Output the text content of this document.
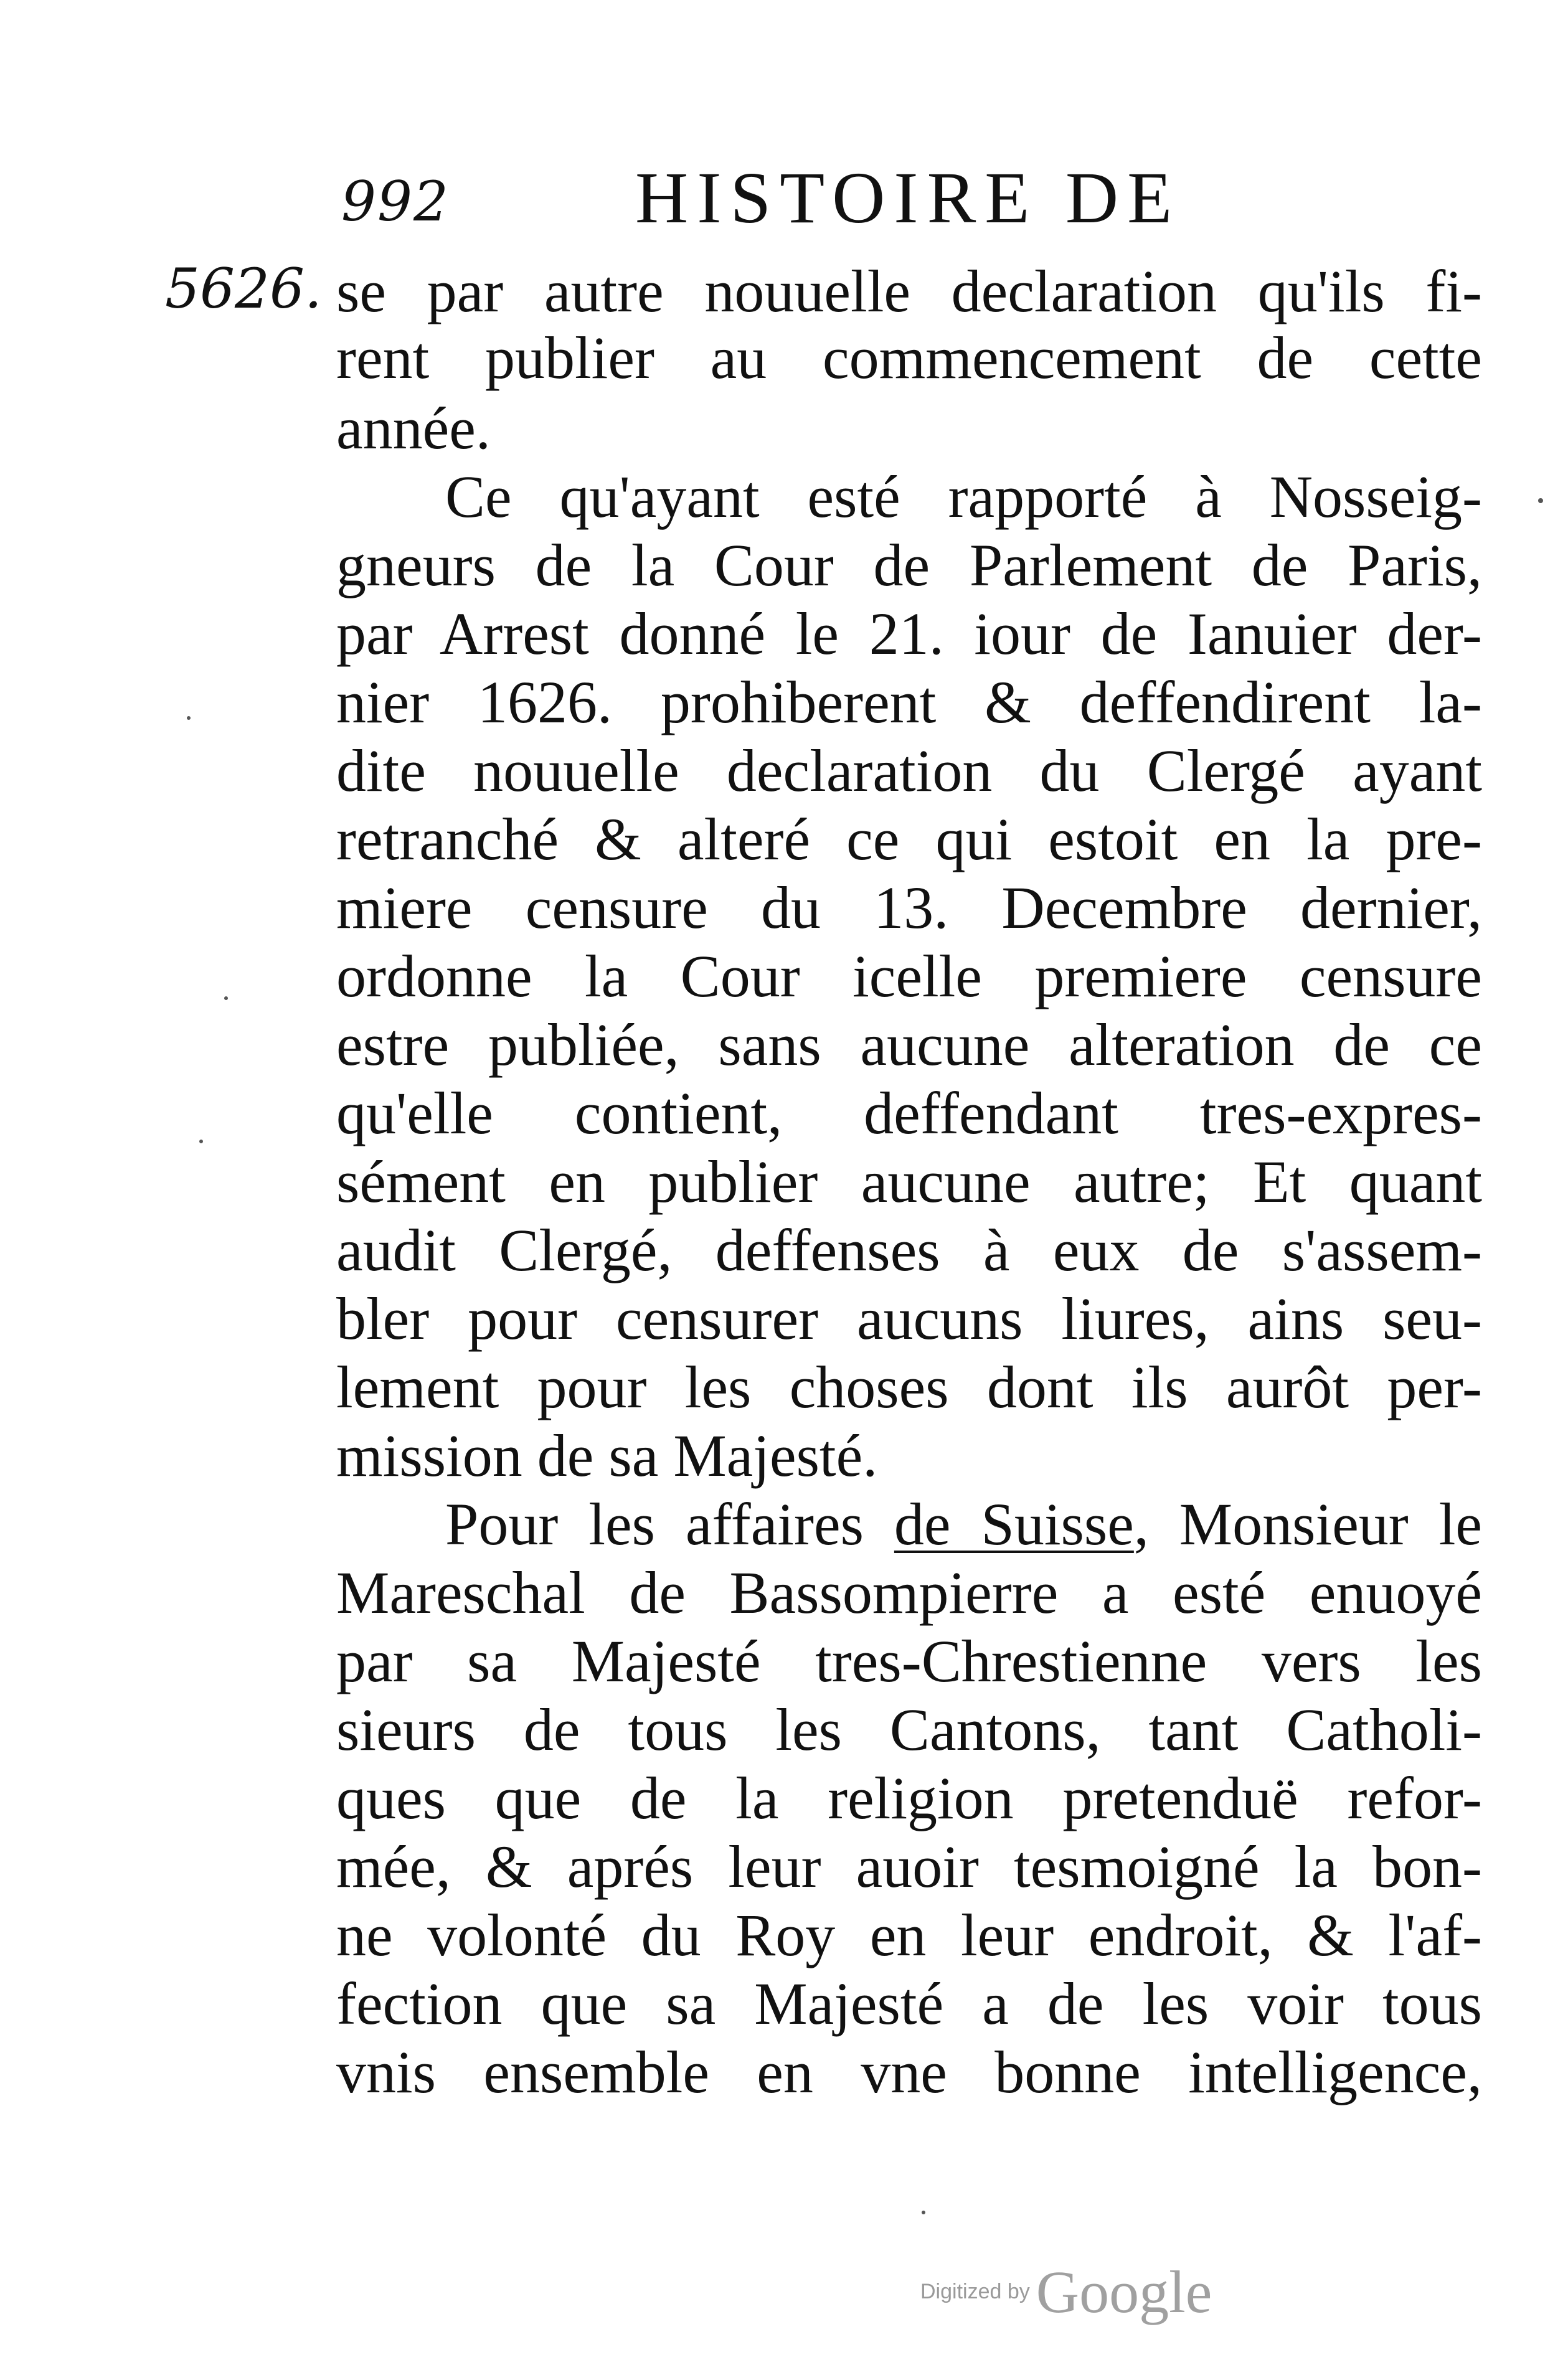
992	HISTOIRE DE
5626. se par autre nouuelle declaration qu'ils fi-
rent publier au commencement de cette
année.
Ce qu'ayant esté rapporté à Nosseig-
gneurs de la Cour de Parlement de Paris,
par Arrest donné le 21. iour de Ianuier der-
nier 1626. prohiberent & deffendirent la-
dite nouuelle declaration du Clergé ayant
retranché & alteré ce qui estoit en la pre-
miere censure du 13. Decembre dernier,
ordonne la Cour icelle premiere censure
estre publiée, sans aucune alteration de ce
qu'elle contient, deffendant tres-expres-
sément en publier aucune autre; Et quant
audit Clergé, deffenses à eux de s'assem-
bler pour censurer aucuns liures, ains seu-
lement pour les choses dont ils aurôt per-
mission de sa Majesté.
Pour les affaires de Suisse, Monsieur le
Mareschal de Bassompierre a esté enuoyé
par sa Majesté tres-Chrestienne vers les
sieurs de tous les Cantons, tant Catholi-
ques que de la religion pretenduë refor-
mée, & aprés leur auoir tesmoigné la bon-
ne volonté du Roy en leur endroit, & l'af-
fection que sa Majesté a de les voir tous
vnis ensemble en vne bonne intelligence,
Digitized by Google
